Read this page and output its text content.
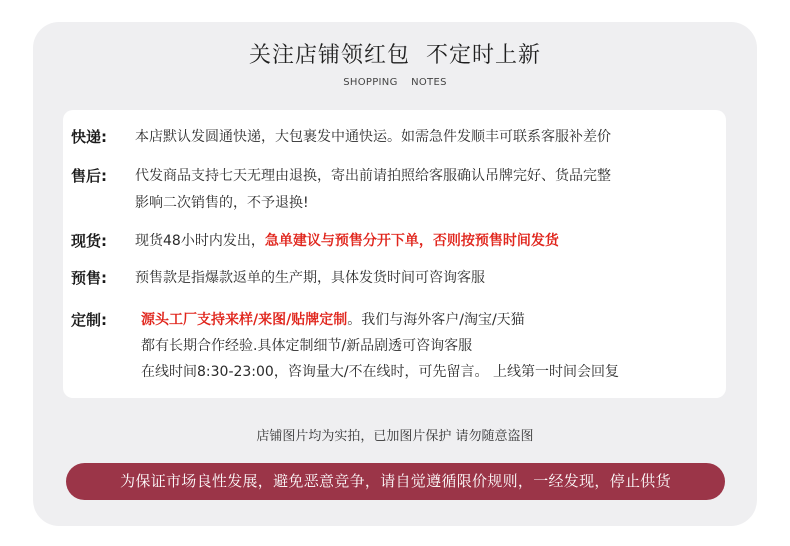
关注店铺领红包  不定时上新
SHOPPING NOTES
快递: 本店默认发圆通快递，大包裹发中通快运。如需急件发顺丰可联系客服补差价
售后: 代发商品支持七天无理由退换，寄出前请拍照给客服确认吊牌完好、货品完整
影响二次销售的，不予退换!
现货: 现货48小时内发出，急单建议与预售分开下单，否则按预售时间发货
预售: 预售款是指爆款返单的生产期，具体发货时间可咨询客服
定制: 源头工厂支持来样/来图/贴牌定制。我们与海外客户/淘宝/天猫
都有长期合作经验.具体定制细节/新品剧透可咨询客服
在线时间8:30-23:00，咨询量大/不在线时，可先留言。 上线第一时间会回复
店铺图片均为实拍，已加图片保护 请勿随意盗图
为保证市场良性发展，避免恶意竞争，请自觉遵循限价规则，一经发现，停止供货
